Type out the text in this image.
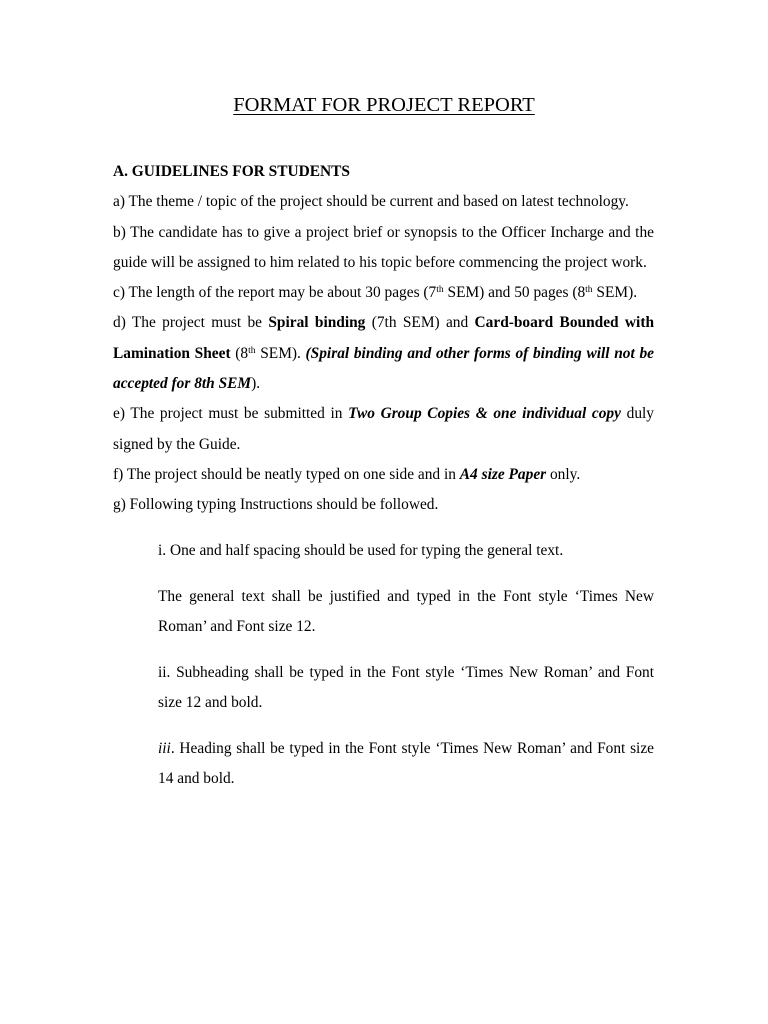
FORMAT FOR PROJECT REPORT

A. GUIDELINES FOR STUDENTS

a) The theme / topic of the project should be current and based on latest technology.

b) The candidate has to give a project brief or synopsis to the Officer Incharge and the guide will be assigned to him related to his topic before commencing the project work.

c) The length of the report may be about 30 pages (7th SEM) and 50 pages (8th SEM).

d) The project must be Spiral binding (7th SEM) and Card-board Bounded with Lamination Sheet (8th SEM). (Spiral binding and other forms of binding will not be accepted for 8th SEM).

e) The project must be submitted in Two Group Copies & one individual copy duly signed by the Guide.

f) The project should be neatly typed on one side and in A4 size Paper only.

g) Following typing Instructions should be followed.

i. One and half spacing should be used for typing the general text.

The general text shall be justified and typed in the Font style ‘Times New Roman’ and Font size 12.

ii. Subheading shall be typed in the Font style ‘Times New Roman’ and Font size 12 and bold.

iii. Heading shall be typed in the Font style ‘Times New Roman’ and Font size 14 and bold.
